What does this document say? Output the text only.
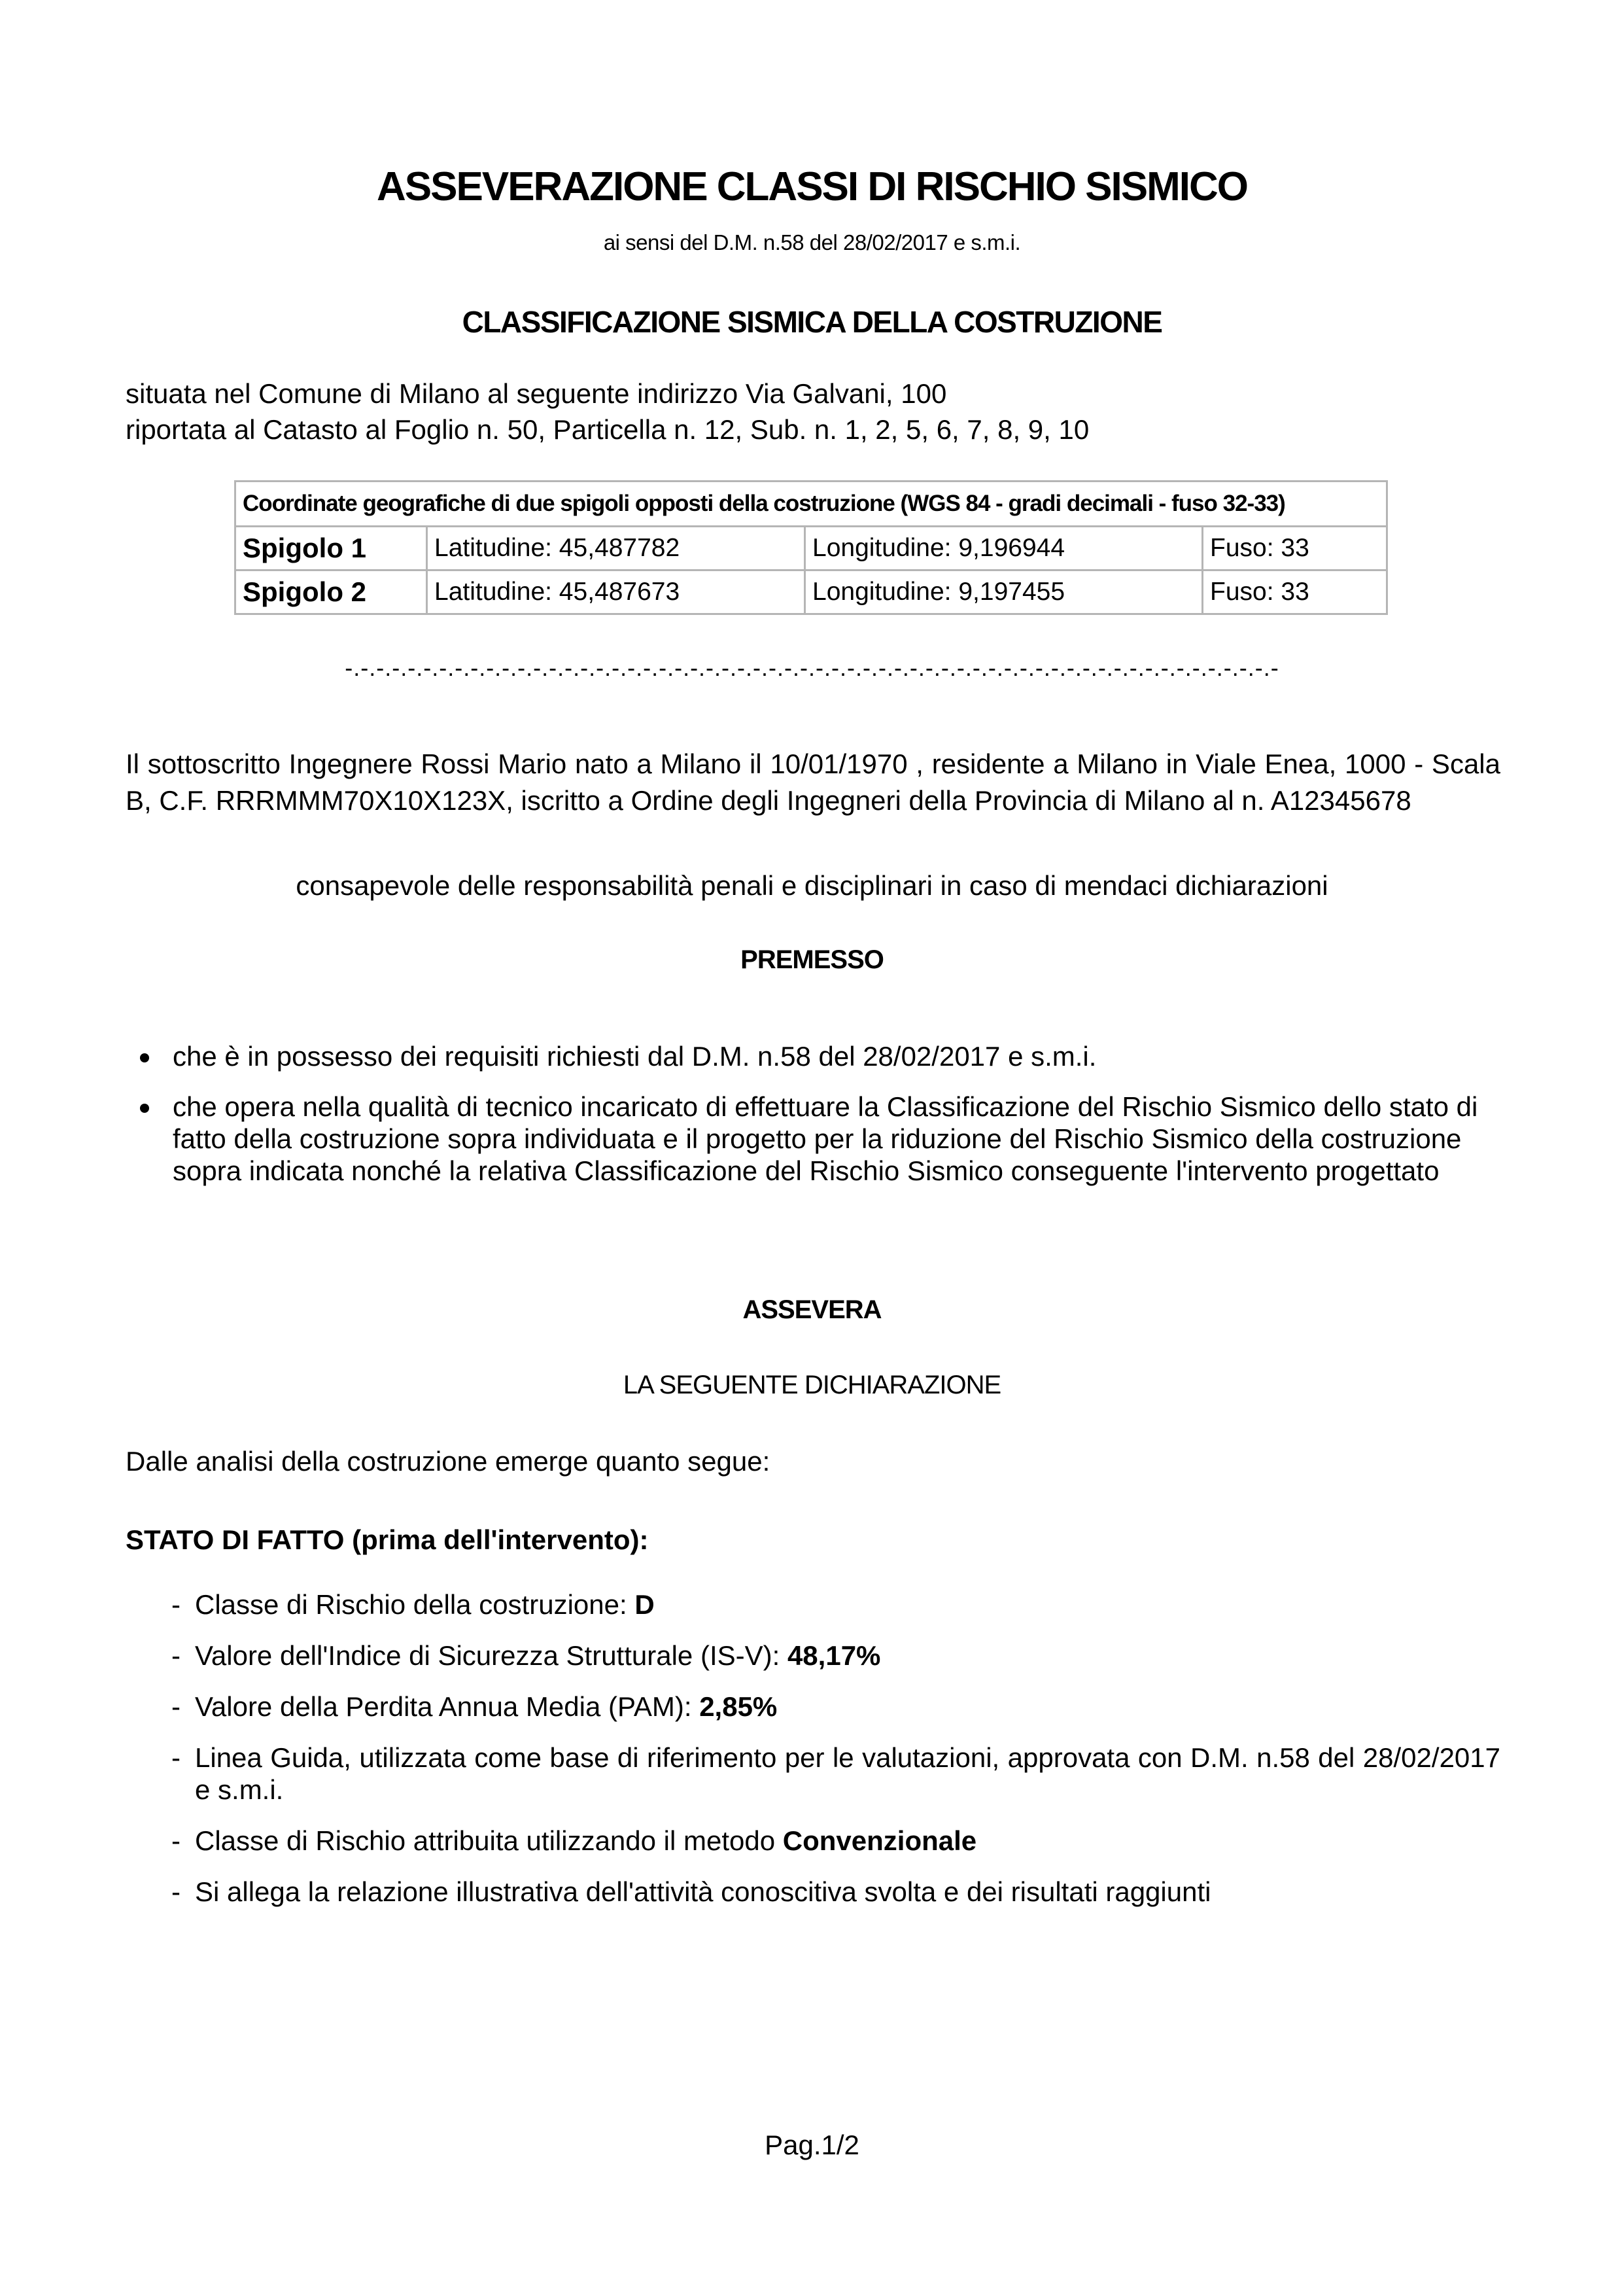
ASSEVERAZIONE CLASSI DI RISCHIO SISMICO
ai sensi del D.M. n.58 del 28/02/2017 e s.m.i.
CLASSIFICAZIONE SISMICA DELLA COSTRUZIONE
situata nel Comune di Milano al seguente indirizzo Via Galvani, 100
riportata al Catasto al Foglio n. 50, Particella n. 12, Sub. n. 1, 2, 5, 6, 7, 8, 9, 10
Coordinate geografiche di due spigoli opposti della costruzione (WGS 84 - gradi decimali - fuso 32-33)			
Spigolo 1	Latitudine: 45,487782	Longitudine: 9,196944	Fuso: 33
Spigolo 2	Latitudine: 45,487673	Longitudine: 9,197455	Fuso: 33
-.-.-.-.-.-.-.-.-.-.-.-.-.-.-.-.-.-.-.-.-.-.-.-.-.-.-.-.-.-.-.-.-.-.-.-.-.-.-.-.-.-.-.-.-.-.-.-.-.-.-.-.-.-.-.-.-.-.-.-
Il sottoscritto Ingegnere Rossi Mario nato a Milano il 10/01/1970 , residente a Milano in Viale Enea, 1000 - Scala B, C.F. RRRMMM70X10X123X, iscritto a Ordine degli Ingegneri della Provincia di Milano al n. A12345678
consapevole delle responsabilità penali e disciplinari in caso di mendaci dichiarazioni
PREMESSO
che è in possesso dei requisiti richiesti dal D.M. n.58 del 28/02/2017 e s.m.i.
che opera nella qualità di tecnico incaricato di effettuare la Classificazione del Rischio Sismico dello stato di fatto della costruzione sopra individuata e il progetto per la riduzione del Rischio Sismico della costruzione sopra indicata nonché la relativa Classificazione del Rischio Sismico conseguente l'intervento progettato
ASSEVERA
LA SEGUENTE DICHIARAZIONE
Dalle analisi della costruzione emerge quanto segue:
STATO DI FATTO (prima dell'intervento):
- Classe di Rischio della costruzione: D
- Valore dell'Indice di Sicurezza Strutturale (IS-V): 48,17%
- Valore della Perdita Annua Media (PAM): 2,85%
- Linea Guida, utilizzata come base di riferimento per le valutazioni, approvata con D.M. n.58 del 28/02/2017 e s.m.i.
- Classe di Rischio attribuita utilizzando il metodo Convenzionale
- Si allega la relazione illustrativa dell'attività conoscitiva svolta e dei risultati raggiunti
Pag.1/2
